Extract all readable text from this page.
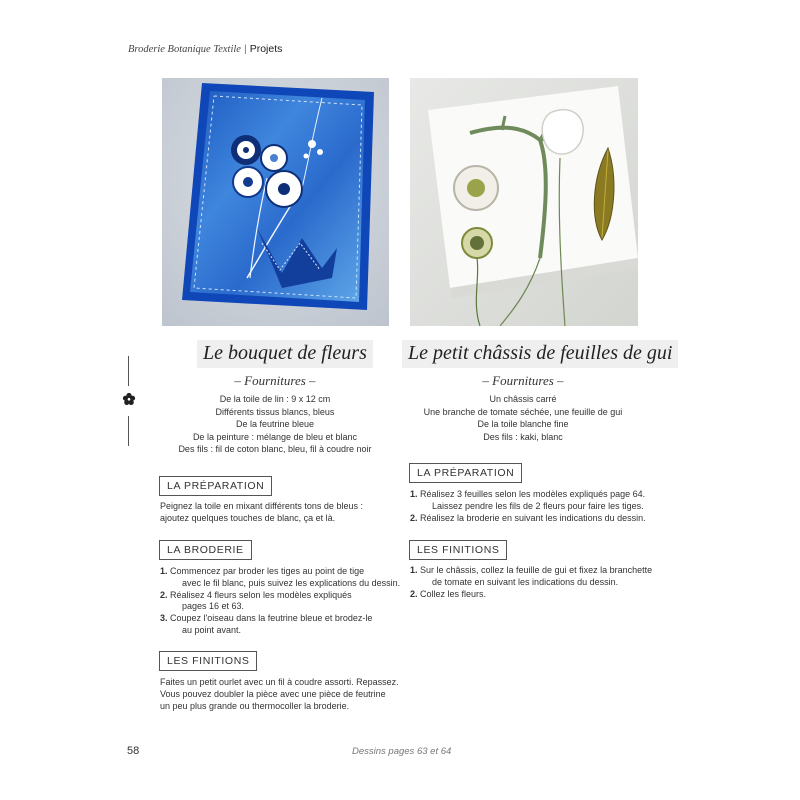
Broderie Botanique Textile | Projets
Le bouquet de fleurs
– Fournitures –
De la toile de lin : 9 x 12 cm
Différents tissus blancs, bleus
De la feutrine bleue
De la peinture : mélange de bleu et blanc
Des fils : fil de coton blanc, bleu, fil à coudre noir
LA PRÉPARATION
Peignez la toile en mixant différents tons de bleus :
ajoutez quelques touches de blanc, ça et là.
LA BRODERIE
1. Commencez par broder les tiges au point de tige
avec le fil blanc, puis suivez les explications du dessin.
2. Réalisez 4 fleurs selon les modèles expliqués
pages 16 et 63.
3. Coupez l'oiseau dans la feutrine bleue et brodez-le
au point avant.
LES FINITIONS
Faites un petit ourlet avec un fil à coudre assorti. Repassez.
Vous pouvez doubler la pièce avec une pièce de feutrine
un peu plus grande ou thermocoller la broderie.
Le petit châssis de feuilles de gui
– Fournitures –
Un châssis carré
Une branche de tomate séchée, une feuille de gui
De la toile blanche fine
Des fils : kaki, blanc
LA PRÉPARATION
1. Réalisez 3 feuilles selon les modèles expliqués page 64.
Laissez pendre les fils de 2 fleurs pour faire les tiges.
2. Réalisez la broderie en suivant les indications du dessin.
LES FINITIONS
1. Sur le châssis, collez la feuille de gui et fixez la branchette
de tomate en suivant les indications du dessin.
2. Collez les fleurs.
58	Dessins pages 63 et 64
